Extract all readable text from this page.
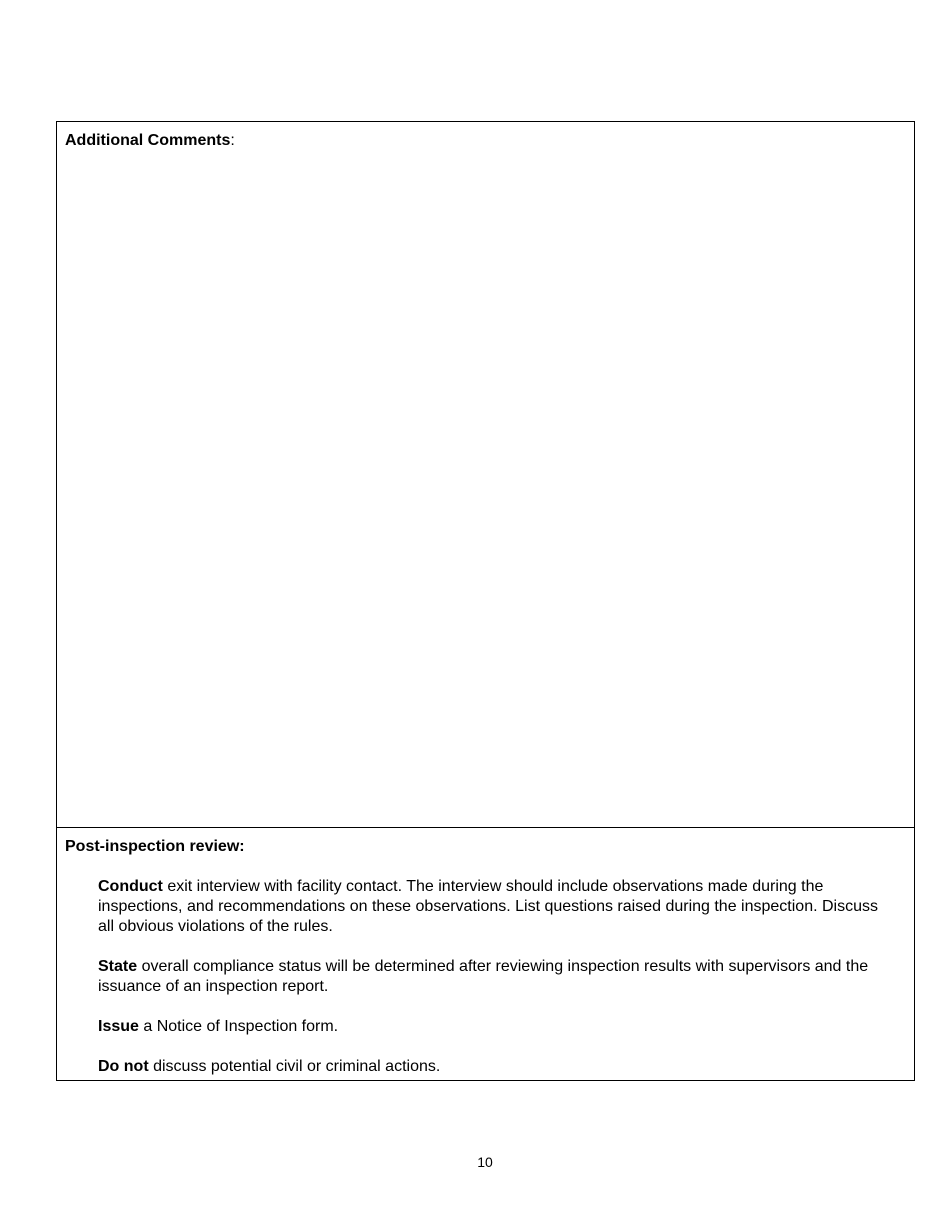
Additional Comments:

Post-inspection review:

Conduct exit interview with facility contact. The interview should include observations made during the inspections, and recommendations on these observations. List questions raised during the inspection. Discuss all obvious violations of the rules.

State overall compliance status will be determined after reviewing inspection results with supervisors and the issuance of an inspection report.

Issue a Notice of Inspection form.

Do not discuss potential civil or criminal actions.

10
